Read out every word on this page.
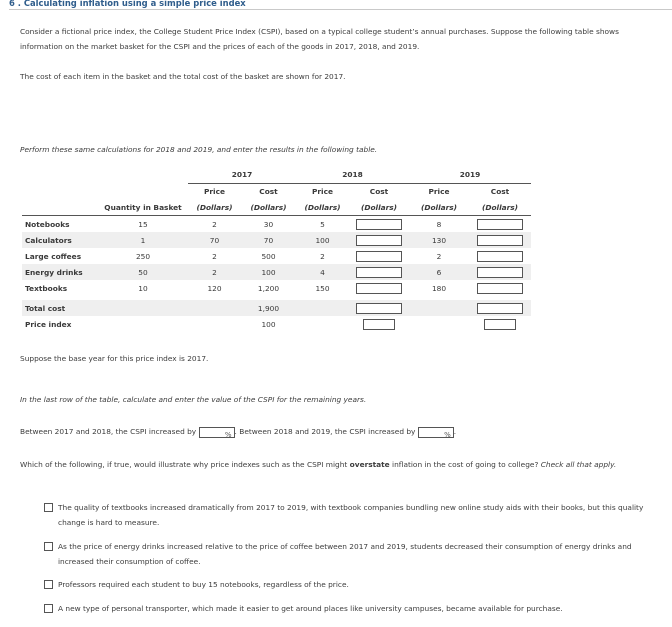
6 . Calculating inflation using a simple price index
Consider a fictional price index, the College Student Price Index (CSPI), based on a typical college student’s annual purchases. Suppose the following table shows information on the market basket for the CSPI and the prices of each of the goods in 2017, 2018, and 2019.
The cost of each item in the basket and the total cost of the basket are shown for 2017.
Perform these same calculations for 2018 and 2019, and enter the results in the following table.
		2017		2018		2019	
		Price	Cost	Price	Cost	Price	Cost
	Quantity in Basket	(Dollars)	(Dollars)	(Dollars)	(Dollars)	(Dollars)	(Dollars)
Notebooks	15	2	30	5		8	
Calculators	1	70	70	100		130	
Large coffees	250	2	500	2		2	
Energy drinks	50	2	100	4		6	
Textbooks	10	120	1,200	150		180	

Total cost			1,900				
Price index			100				
Suppose the base year for this price index is 2017.
In the last row of the table, calculate and enter the value of the CSPI for the remaining years.
Between 2017 and 2018, the CSPI increased by	% . Between 2018 and 2019, the CSPI increased by	% .
Which of the following, if true, would illustrate why price indexes such as the CSPI might overstate inflation in the cost of going to college? Check all that apply.
The quality of textbooks increased dramatically from 2017 to 2019, with textbook companies bundling new online study aids with their books, but this quality change is hard to measure.
As the price of energy drinks increased relative to the price of coffee between 2017 and 2019, students decreased their consumption of energy drinks and increased their consumption of coffee.
Professors required each student to buy 15 notebooks, regardless of the price.
A new type of personal transporter, which made it easier to get around places like university campuses, became available for purchase.
